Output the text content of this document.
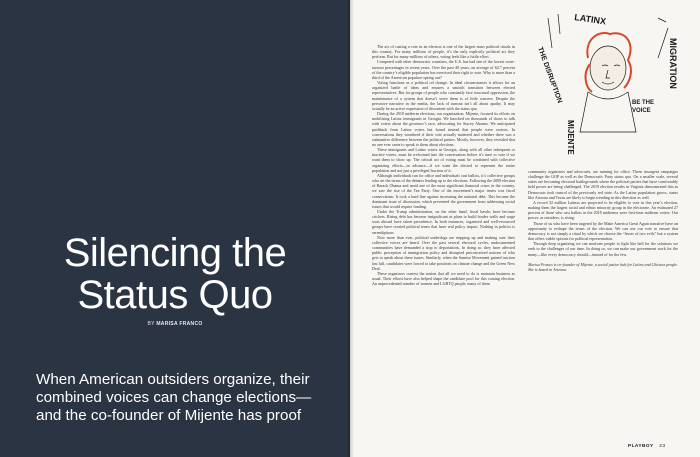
Silencing the
Status Quo
BY MARISA FRANCO

When American outsiders organize, their combined voices can change elections—and the co-founder of Mijente has proof

The act of casting a vote in an election is one of the largest mass political rituals in this country. For many millions of people, it’s the only explicitly political act they perform. But for many millions of others, voting feels like a futile effort.

Compared with other democratic countries, the U.S. has had one of the lowest voter-turnout percentages in recent years. Over the past 40 years, an average of 62.7 percent of the country’s eligible population has exercised their right to vote. Why is more than a third of the American populace opting out?

Voting functions as a political oil change. In ideal circumstances it allows for an organized battle of ideas and ensures a smooth transition between elected representatives. But for groups of people who constantly face structural oppression, the maintenance of a system that doesn’t serve them is of little concern. Despite the pervasive narrative in the media, the lack of turnout isn’t all about apathy. It may actually be an active expression of discontent with the status quo.

During the 2018 midterm elections, our organization, Mijente, focused its efforts on mobilizing Latinx immigrants in Georgia. We knocked on thousands of doors to talk with voters about the governor’s race, advocating for Stacey Abrams. We anticipated pushback from Latinx voters but found instead that people were curious. In conversations they wondered if their vote actually mattered and whether there was a substantive difference between the political parties. Mostly, however, they revealed that no one ever came to speak to them about elections.

These immigrants and Latinx voters in Georgia, along with all other infrequent or inactive voters, must be welcomed into the conversation before it’s time to vote if we want them to show up. The critical act of voting must be combined with collective organizing efforts—in advance—if we want the elected to represent the entire population and not just a privileged fraction of it.

Although individuals run for office and individuals cast ballots, it’s collective groups who set the terms of the debates leading up to the elections. Following the 2008 election of Barack Obama and amid one of the most significant financial crises in the country, we saw the rise of the Tea Party. One of the movement’s major tenets was fiscal conservatism. It took a hard line against increasing the national debt. This became the dominant issue of discussion, which prevented the government from addressing social issues that would require funding.

Under the Trump administration, on the other hand, fiscal hawks have become crickets. Rising debt has become insignificant as plans to build border walls and wage wars abroad have taken precedence. In both instances, organized and well-resourced groups have created political terms that have real policy impact. Nothing in politics is serendipitous.

Now more than ever, political underdogs are stepping up and making sure their collective voices are heard. Over the past several electoral cycles, undocumented communities have demanded a stop to deportations. In doing so, they have affected public perception of immigration policy and disrupted preconceived notions of who gets to speak about these issues. Similarly, when the Sunrise Movement gained traction last fall, candidates were forced to take positions on climate change and the Green New Deal.

These organizers contest the notion that all we need to do is maintain business as usual. Their efforts have also helped shape the candidate pool for this coming election. An unprecedented number of women and LGBTQ people, many of them

community organizers and advocates, are running for office. These insurgent campaigns challenge the GOP as well as the Democratic Party status quo. On a smaller scale, several states are becoming electoral battlegrounds where the political parties that have comfortably held power are being challenged. The 2019 election results in Virginia demonstrated this as Democrats took control of the previously red state. As the Latinx population grows, states like Arizona and Texas are likely to begin trending in this direction as well.

A record 32 million Latinxs are projected to be eligible to vote in this year’s election, making them the largest racial and ethnic minority group in the electorate. An estimated 27 percent of those who cast ballots in the 2018 midterms were first-time midterm voters. Our power, as outsiders, is rising.

Those of us who have been targeted by the Make America Great Again narrative have an opportunity to reshape the terms of the election. We can use our vote to ensure that democracy is not simply a ritual by which we choose the “lesser of two evils” but a system that offers viable options for political representation.

Through deep organizing we can motivate people to fight like hell for the solutions we seek to the challenges of our time. In doing so, we can make our government work for the many—like every democracy should—instead of for the few.

Marisa Franco is co-founder of Mijente, a social justice hub for Latinx and Chicanx people. She is based in Arizona.

LATINX
MIGRATION
MIJENTE
THE DISRUPTION	BE THE
VOICE
PLAYBOY 23
